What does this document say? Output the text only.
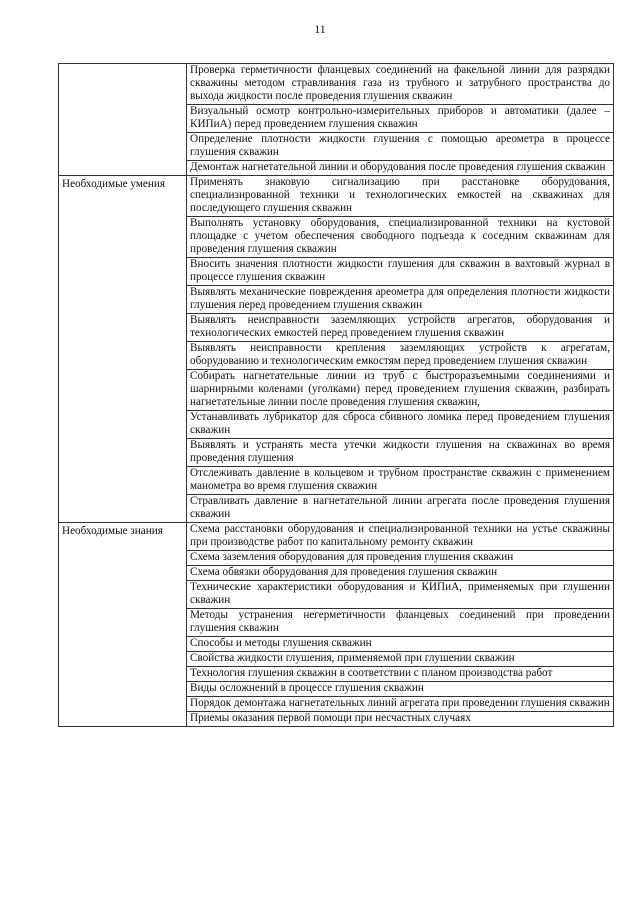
11
	Проверка герметичности фланцевых соединений на факельной линии для разрядки скважины методом стравливания газа из трубного и затрубного пространства до выхода жидкости после проведения глушения скважин
	Визуальный осмотр контрольно-измерительных приборов и автоматики (далее – КИПиА) перед проведением глушения скважин
	Определение плотности жидкости глушения с помощью ареометра в процессе глушения скважин
	Демонтаж нагнетательной линии и оборудования после проведения глушения скважин
Необходимые умения	Применять знаковую сигнализацию при расстановке оборудования, специализированной техники и технологических емкостей на скважинах для последующего глушения скважин
	Выполнять установку оборудования, специализированной техники на кустовой площадке с учетом обеспечения свободного подъезда к соседним скважинам для проведения глушения скважин
	Вносить значения плотности жидкости глушения для скважин в вахтовый журнал в процессе глушения скважин
	Выявлять механические повреждения ареометра для определения плотности жидкости глушения перед проведением глушения скважин
	Выявлять неисправности заземляющих устройств агрегатов, оборудования и технологических емкостей перед проведением глушения скважин
	Выявлять неисправности крепления заземляющих устройств к агрегатам, оборудованию и технологическим емкостям перед проведением глушения скважин
	Собирать нагнетательные линии из труб с быстроразъемными соединениями и шарнирными коленами (уголками) перед проведением глушения скважин, разбирать нагнетательные линии после проведения глушения скважин,
	Устанавливать лубрикатор для сброса сбивного ломика перед проведением глушения скважин
	Выявлять и устранять места утечки жидкости глушения на скважинах во время проведения глушения
	Отслеживать давление в кольцевом и трубном пространстве скважин с применением манометра во время глушения скважин
	Стравливать давление в нагнетательной линии агрегата после проведения глушения скважин
Необходимые знания	Схема расстановки оборудования и специализированной техники на устье скважины при производстве работ по капитальному ремонту скважин
	Схема заземления оборудования для проведения глушения скважин
	Схема обвязки оборудования для проведения глушения скважин
	Технические характеристики оборудования и КИПиА, применяемых при глушении скважин
	Методы устранения негерметичности фланцевых соединений при проведении глушения скважин
	Способы и методы глушения скважин
	Свойства жидкости глушения, применяемой при глушении скважин
	Технология глушения скважин в соответствии с планом производства работ
	Виды осложнений в процессе глушения скважин
	Порядок демонтажа нагнетательных линий агрегата при проведении глушения скважин
	Приемы оказания первой помощи при несчастных случаях
